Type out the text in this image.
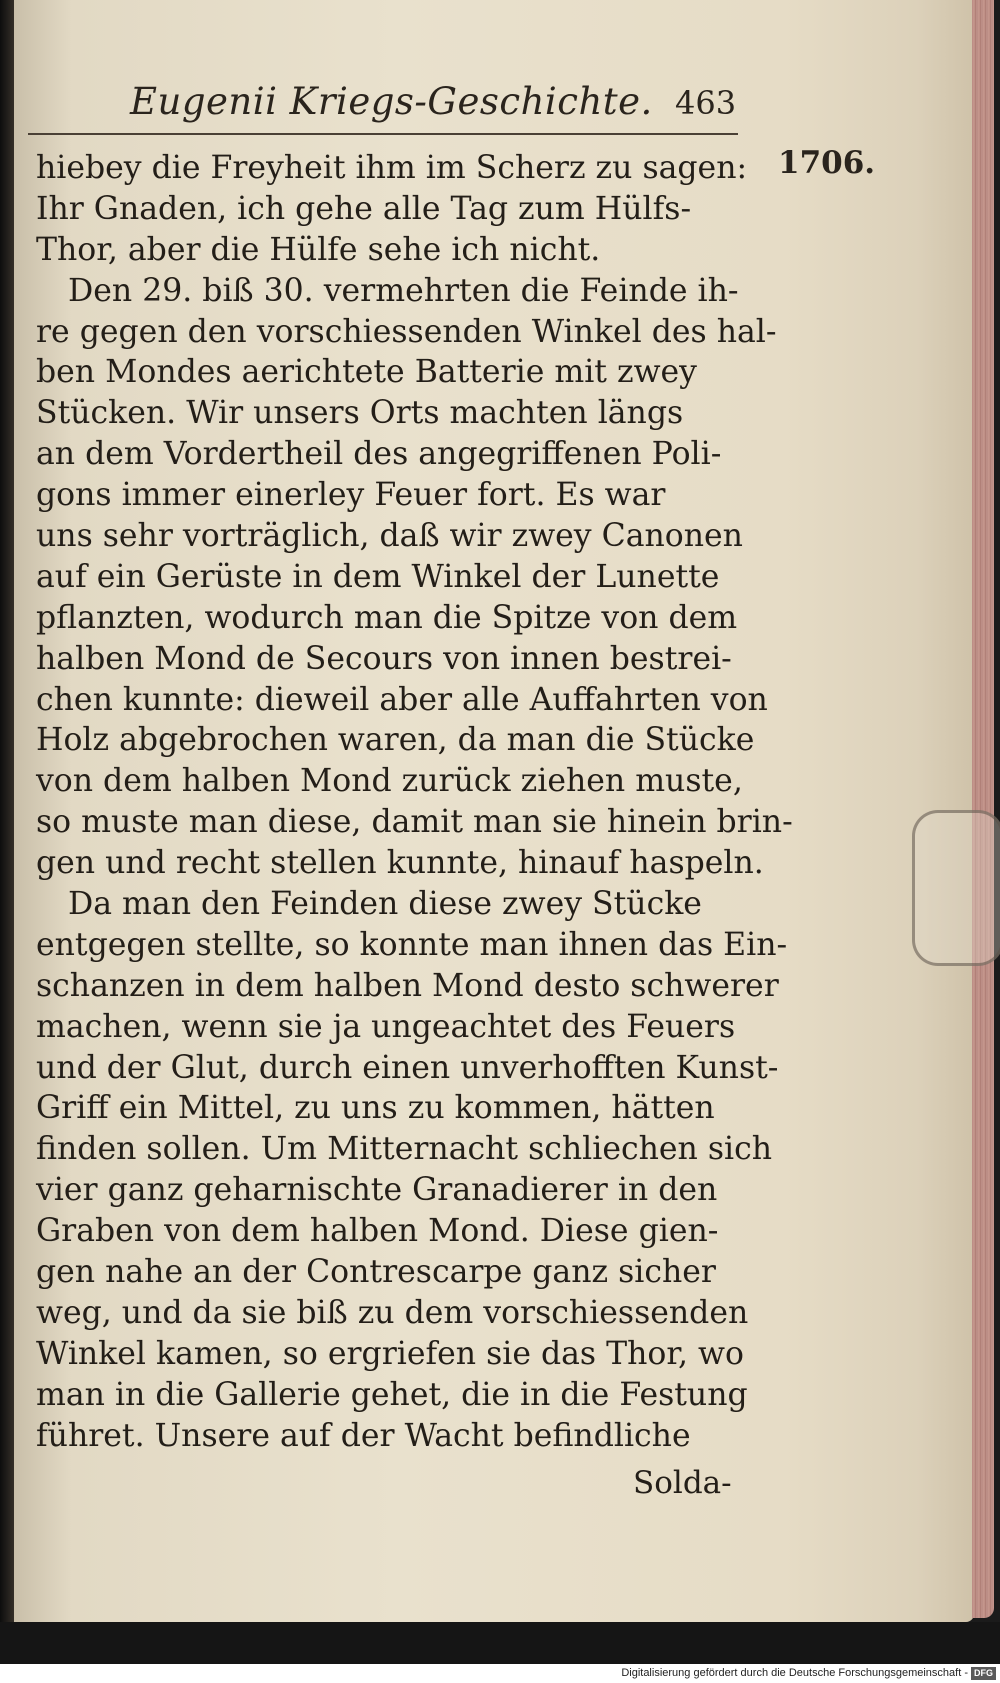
Eugenii Kriegs-Geschichte. 463
1706.
hiebey die Freyheit ihm im Scherz zu sagen:
Ihr Gnaden, ich gehe alle Tag zum Hülfs-
Thor, aber die Hülfe sehe ich nicht.
Den 29. biß 30. vermehrten die Feinde ih-
re gegen den vorschiessenden Winkel des hal-
ben Mondes aerichtete Batterie mit zwey
Stücken. Wir unsers Orts machten längs
an dem Vordertheil des angegriffenen Poli-
gons immer einerley Feuer fort. Es war
uns sehr vorträglich, daß wir zwey Canonen
auf ein Gerüste in dem Winkel der Lunette
pflanzten, wodurch man die Spitze von dem
halben Mond de Secours von innen bestrei-
chen kunnte: dieweil aber alle Auffahrten von
Holz abgebrochen waren, da man die Stücke
von dem halben Mond zurück ziehen muste,
so muste man diese, damit man sie hinein brin-
gen und recht stellen kunnte, hinauf haspeln.
Da man den Feinden diese zwey Stücke
entgegen stellte, so konnte man ihnen das Ein-
schanzen in dem halben Mond desto schwerer
machen, wenn sie ja ungeachtet des Feuers
und der Glut, durch einen unverhofften Kunst-
Griff ein Mittel, zu uns zu kommen, hätten
finden sollen. Um Mitternacht schliechen sich
vier ganz geharnischte Granadierer in den
Graben von dem halben Mond. Diese gien-
gen nahe an der Contrescarpe ganz sicher
weg, und da sie biß zu dem vorschiessenden
Winkel kamen, so ergriefen sie das Thor, wo
man in die Gallerie gehet, die in die Festung
führet. Unsere auf der Wacht befindliche
Solda-
Digitalisierung gefördert durch die Deutsche Forschungsgemeinschaft - DFG
